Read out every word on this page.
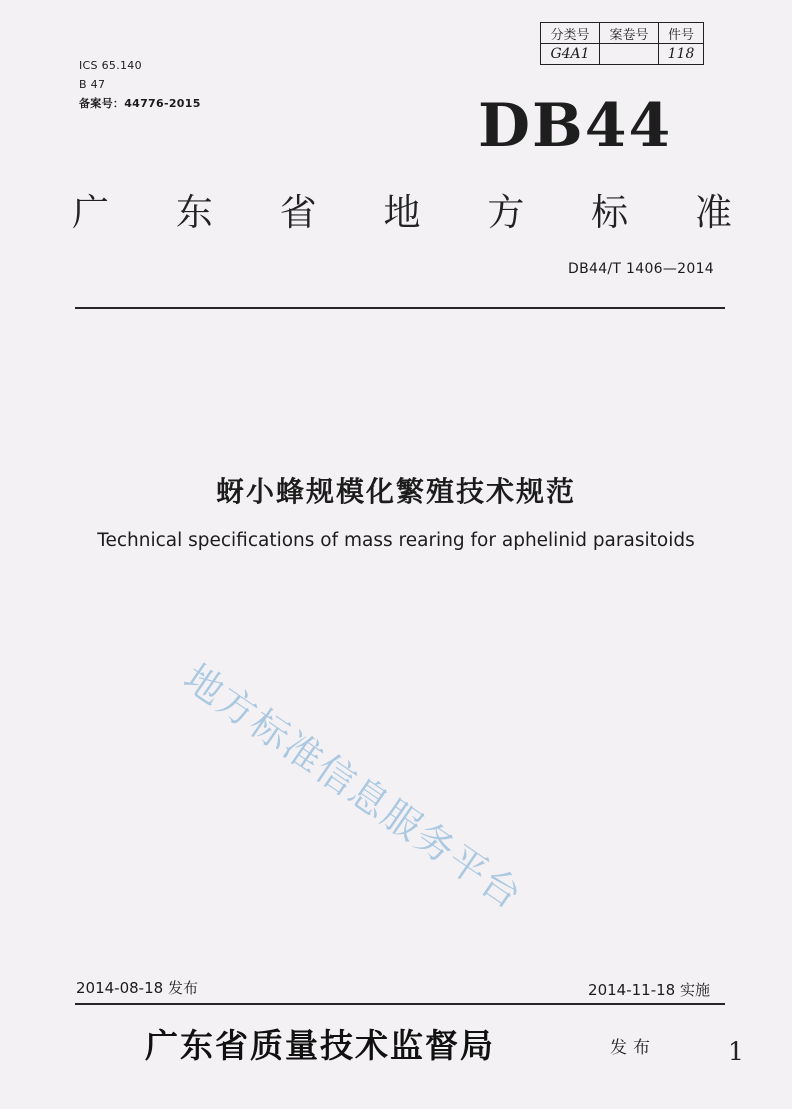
ICS 65.140
B 47
备案号：44776-2015
分类号	案卷号	件号
G4A1		118
DB44
广 东 省 地 方 标 准
DB44/T 1406—2014
蚜小蜂规模化繁殖技术规范
Technical specifications of mass rearing for aphelinid parasitoids
地方标准信息服务平台
2014-08-18 发布	2014-11-18 实施
广东省质量技术监督局	发布	1
